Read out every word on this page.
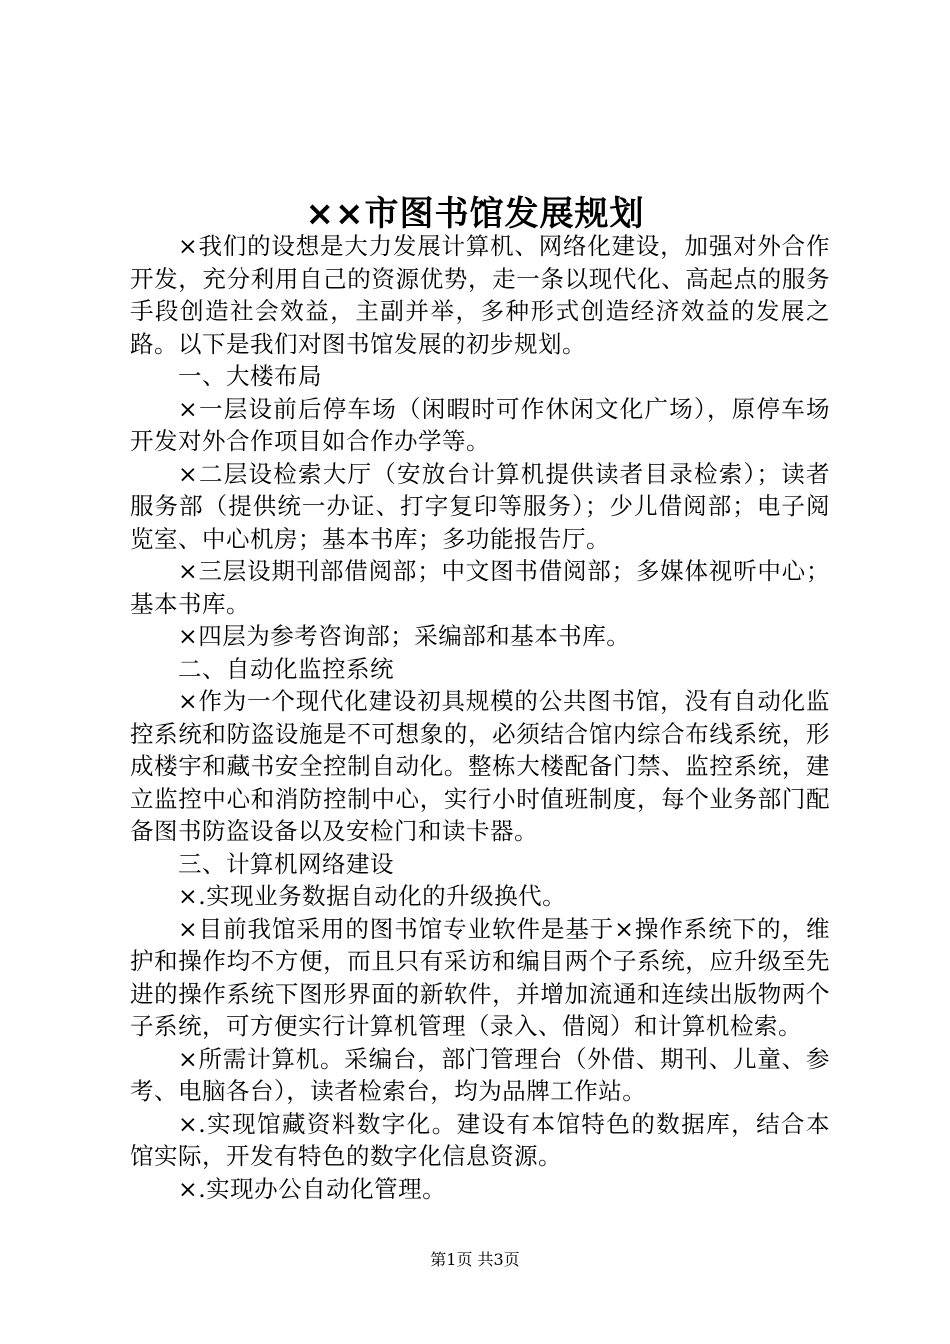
××市图书馆发展规划

×我们的设想是大力发展计算机、网络化建设，加强对外合作开发，充分利用自己的资源优势，走一条以现代化、高起点的服务手段创造社会效益，主副并举，多种形式创造经济效益的发展之路。以下是我们对图书馆发展的初步规划。

一、大楼布局

×一层设前后停车场（闲暇时可作休闲文化广场），原停车场开发对外合作项目如合作办学等。

×二层设检索大厅（安放台计算机提供读者目录检索）；读者服务部（提供统一办证、打字复印等服务）；少儿借阅部；电子阅览室、中心机房；基本书库；多功能报告厅。

×三层设期刊部借阅部；中文图书借阅部；多媒体视听中心；基本书库。

×四层为参考咨询部；采编部和基本书库。

二、自动化监控系统

×作为一个现代化建设初具规模的公共图书馆，没有自动化监控系统和防盗设施是不可想象的，必须结合馆内综合布线系统，形成楼宇和藏书安全控制自动化。整栋大楼配备门禁、监控系统，建立监控中心和消防控制中心，实行小时值班制度，每个业务部门配备图书防盗设备以及安检门和读卡器。

三、计算机网络建设

×.实现业务数据自动化的升级换代。

×目前我馆采用的图书馆专业软件是基于×操作系统下的，维护和操作均不方便，而且只有采访和编目两个子系统，应升级至先进的操作系统下图形界面的新软件，并增加流通和连续出版物两个子系统，可方便实行计算机管理（录入、借阅）和计算机检索。

×所需计算机。采编台，部门管理台（外借、期刊、儿童、参考、电脑各台），读者检索台，均为品牌工作站。

×.实现馆藏资料数字化。建设有本馆特色的数据库，结合本馆实际，开发有特色的数字化信息资源。

×.实现办公自动化管理。

第1页 共3页
